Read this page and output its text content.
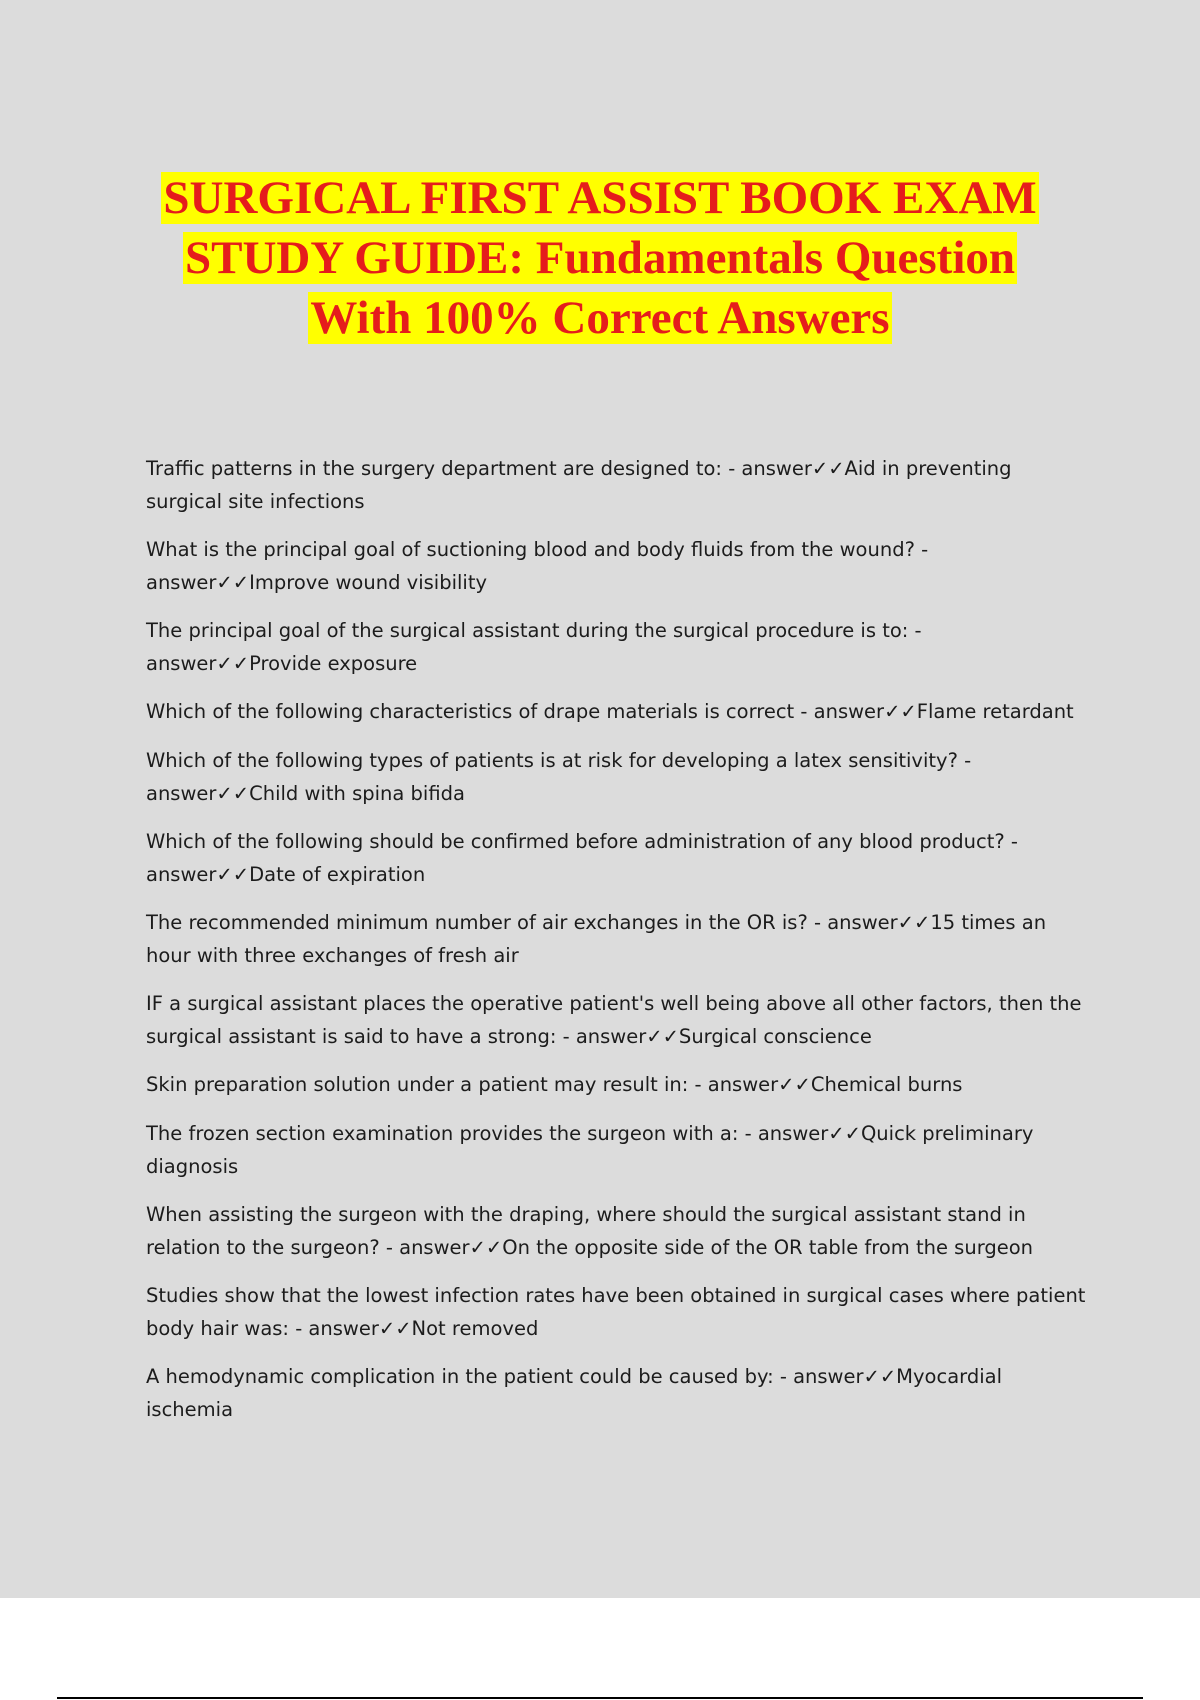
SURGICAL FIRST ASSIST BOOK EXAM
STUDY GUIDE: Fundamentals Question
With 100% Correct Answers
Traffic patterns in the surgery department are designed to: - answer✓✓Aid in preventing surgical site infections
What is the principal goal of suctioning blood and body fluids from the wound? - answer✓✓Improve wound visibility
The principal goal of the surgical assistant during the surgical procedure is to: - answer✓✓Provide exposure
Which of the following characteristics of drape materials is correct - answer✓✓Flame retardant
Which of the following types of patients is at risk for developing a latex sensitivity? - answer✓✓Child with spina bifida
Which of the following should be confirmed before administration of any blood product? - answer✓✓Date of expiration
The recommended minimum number of air exchanges in the OR is? - answer✓✓15 times an hour with three exchanges of fresh air
IF a surgical assistant places the operative patient's well being above all other factors, then the surgical assistant is said to have a strong: - answer✓✓Surgical conscience
Skin preparation solution under a patient may result in: - answer✓✓Chemical burns
The frozen section examination provides the surgeon with a: - answer✓✓Quick preliminary diagnosis
When assisting the surgeon with the draping, where should the surgical assistant stand in relation to the surgeon? - answer✓✓On the opposite side of the OR table from the surgeon
Studies show that the lowest infection rates have been obtained in surgical cases where patient body hair was: - answer✓✓Not removed
A hemodynamic complication in the patient could be caused by: - answer✓✓Myocardial ischemia
